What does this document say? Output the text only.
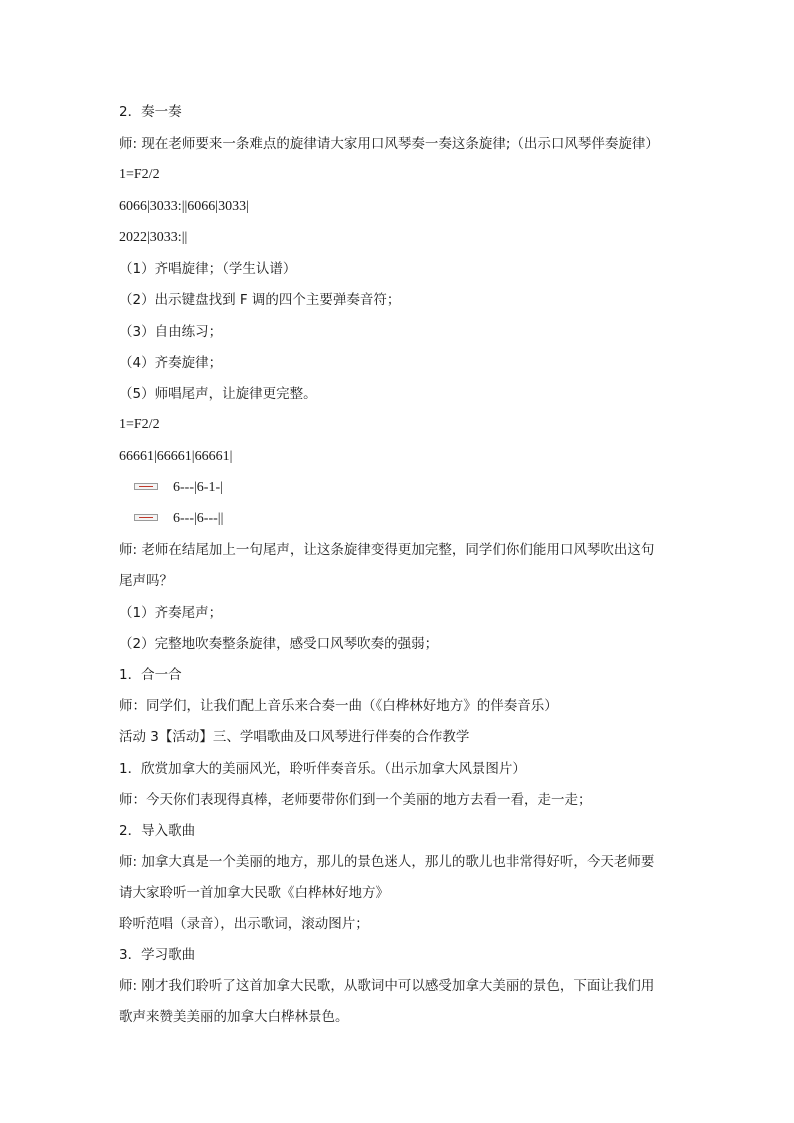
2．奏一奏
师: 现在老师要来一条难点的旋律请大家用口风琴奏一奏这条旋律;（出示口风琴伴奏旋律）
1=F2/2
6066|3033:||6066|3033|
2022|3033:||
（1）齐唱旋律；（学生认谱）
（2）出示键盘找到 F 调的四个主要弹奏音符；
（3）自由练习；
（4）齐奏旋律；
（5）师唱尾声，让旋律更完整。
1=F2/2
66661|66661|66661|
6---|6-1-|
6---|6---||
师: 老师在结尾加上一句尾声，让这条旋律变得更加完整，同学们你们能用口风琴吹出这句
尾声吗？
（1）齐奏尾声；
（2）完整地吹奏整条旋律，感受口风琴吹奏的强弱；
1．合一合
师：同学们，让我们配上音乐来合奏一曲（《白桦林好地方》的伴奏音乐）
活动 3【活动】三、学唱歌曲及口风琴进行伴奏的合作教学
1．欣赏加拿大的美丽风光，聆听伴奏音乐。（出示加拿大风景图片）
师：今天你们表现得真棒，老师要带你们到一个美丽的地方去看一看，走一走；
2．导入歌曲
师: 加拿大真是一个美丽的地方，那儿的景色迷人，那儿的歌儿也非常得好听，今天老师要
请大家聆听一首加拿大民歌《白桦林好地方》
聆听范唱（录音），出示歌词，滚动图片；
3．学习歌曲
师: 刚才我们聆听了这首加拿大民歌，从歌词中可以感受加拿大美丽的景色，下面让我们用
歌声来赞美美丽的加拿大白桦林景色。
